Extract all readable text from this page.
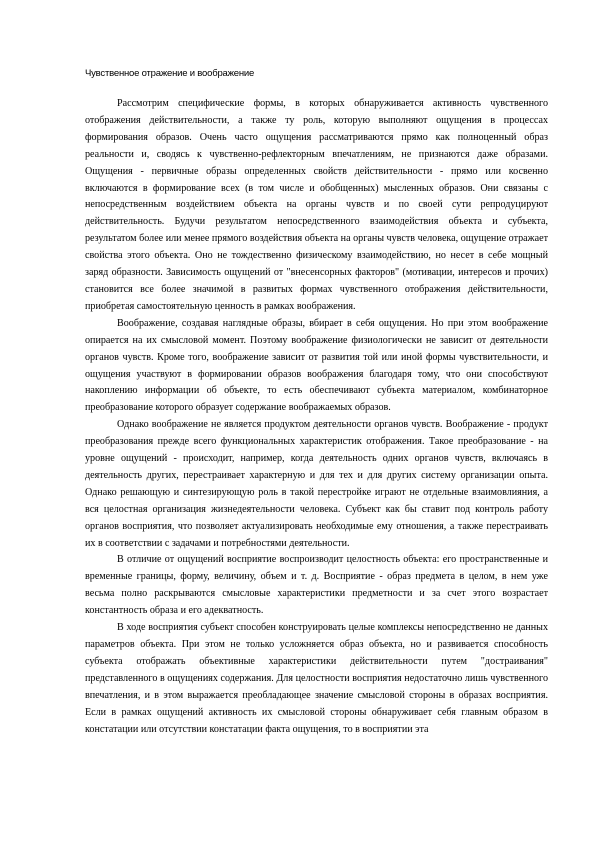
Чувственное отражение и воображение

Рассмотрим специфические формы, в которых обнаруживается активность чувственного отображения действительности, а также ту роль, которую выполняют ощущения в процессах формирования образов. Очень часто ощущения рассматриваются прямо как полноценный образ реальности и, сводясь к чувственно-рефлекторным впечатлениям, не признаются даже образами. Ощущения - первичные образы определенных свойств действительности - прямо или косвенно включаются в формирование всех (в том числе и обобщенных) мысленных образов. Они связаны с непосредственным воздействием объекта на органы чувств и по своей сути репродуцируют действительность. Будучи результатом непосредственного взаимодействия объекта и субъекта, результатом более или менее прямого воздействия объекта на органы чувств человека, ощущение отражает свойства этого объекта. Оно не тождественно физическому взаимодействию, но несет в себе мощный заряд образности. Зависимость ощущений от "внесенсорных факторов" (мотивации, интересов и прочих) становится все более значимой в развитых формах чувственного отображения действительности, приобретая самостоятельную ценность в рамках воображения.

Воображение, создавая наглядные образы, вбирает в себя ощущения. Но при этом воображение опирается на их смысловой момент. Поэтому воображение физиологически не зависит от деятельности органов чувств. Кроме того, воображение зависит от развития той или иной формы чувствительности, и ощущения участвуют в формировании образов воображения благодаря тому, что они способствуют накоплению информации об объекте, то есть обеспечивают субъекта материалом, комбинаторное преобразование которого образует содержание воображаемых образов.

Однако воображение не является продуктом деятельности органов чувств. Воображение - продукт преобразования прежде всего функциональных характеристик отображения. Такое преобразование - на уровне ощущений - происходит, например, когда деятельность одних органов чувств, включаясь в деятельность других, перестраивает характерную и для тех и для других систему организации опыта. Однако решающую и синтезирующую роль в такой перестройке играют не отдельные взаимовлияния, а вся целостная организация жизнедеятельности человека. Субъект как бы ставит под контроль работу органов восприятия, что позволяет актуализировать необходимые ему отношения, а также перестраивать их в соответствии с задачами и потребностями деятельности.

В отличие от ощущений восприятие воспроизводит целостность объекта: его пространственные и временные границы, форму, величину, объем и т. д. Восприятие - образ предмета в целом, в нем уже весьма полно раскрываются смысловые характеристики предметности и за счет этого возрастает константность образа и его адекватность.

В ходе восприятия субъект способен конструировать целые комплексы непосредственно не данных параметров объекта. При этом не только усложняется образ объекта, но и развивается способность субъекта отображать объективные характеристики действительности путем "достраивания" представленного в ощущениях содержания. Для целостности восприятия недостаточно лишь чувственного впечатления, и в этом выражается преобладающее значение смысловой стороны в образах восприятия. Если в рамках ощущений активность их смысловой стороны обнаруживает себя главным образом в констатации или отсутствии констатации факта ощущения, то в восприятии эта
